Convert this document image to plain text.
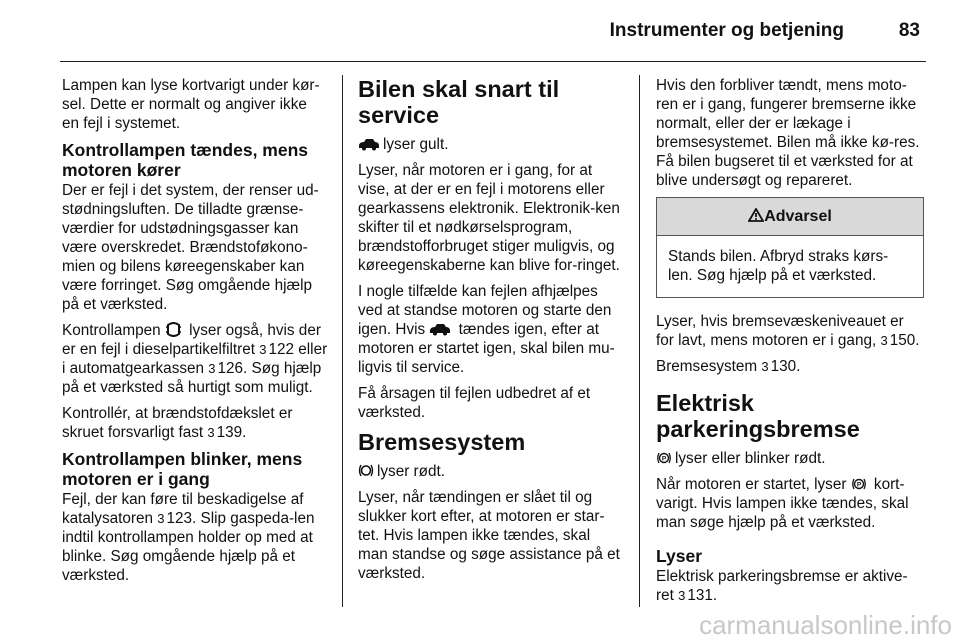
Instrumenter og betjening	83

Lampen kan lyse kortvarigt under kør-sel. Dette er normalt og angiver ikke en fejl i systemet.

Kontrollampen tændes, mens
motoren kører

Der er fejl i det system, der renser ud-stødningsluften. De tilladte grænse-værdier for udstødningsgasser kan være overskredet. Brændstoføkono-mien og bilens køreegenskaber kan være forringet. Søg omgående hjælp på et værksted.

Kontrollampen lyser også, hvis der er en fejl i dieselpartikelfiltret 3 122 eller i automatgearkassen 3 126. Søg hjælp på et værksted så hurtigt som muligt.

Kontrollér, at brændstofdækslet er skruet forsvarligt fast 3 139.

Kontrollampen blinker, mens
motoren er i gang

Fejl, der kan føre til beskadigelse af katalysatoren 3 123. Slip gaspeda-len indtil kontrollampen holder op med at blinke. Søg omgående hjælp på et værksted.

Bilen skal snart til service

lyser gult.

Lyser, når motoren er i gang, for at vise, at der er en fejl i motorens eller gearkassens elektronik. Elektronik-ken skifter til et nødkørselsprogram, brændstofforbruget stiger muligvis, og køreegenskaberne kan blive for-ringet.

I nogle tilfælde kan fejlen afhjælpes ved at standse motoren og starte den igen. Hvis tændes igen, efter at motoren er startet igen, skal bilen mu-ligvis til service.

Få årsagen til fejlen udbedret af et værksted.

Bremsesystem

lyser rødt.

Lyser, når tændingen er slået til og slukker kort efter, at motoren er star-tet. Hvis lampen ikke tændes, skal man standse og søge assistance på et værksted.

Hvis den forbliver tændt, mens moto-ren er i gang, fungerer bremserne ikke normalt, eller der er lækage i bremsesystemet. Bilen må ikke kø-res. Få bilen bugseret til et værksted for at blive undersøgt og repareret.

Advarsel
Stands bilen. Afbryd straks kørs-len. Søg hjælp på et værksted.

Lyser, hvis bremsevæskeniveauet er for lavt, mens motoren er i gang, 3 150.

Bremsesystem 3 130.

Elektrisk
parkeringsbremse

P lyser eller blinker rødt.

Når motoren er startet, lyser P kort-varigt. Hvis lampen ikke tændes, skal man søge hjælp på et værksted.

Lyser

Elektrisk parkeringsbremse er aktive-ret 3 131.

carmanualsonline.info
